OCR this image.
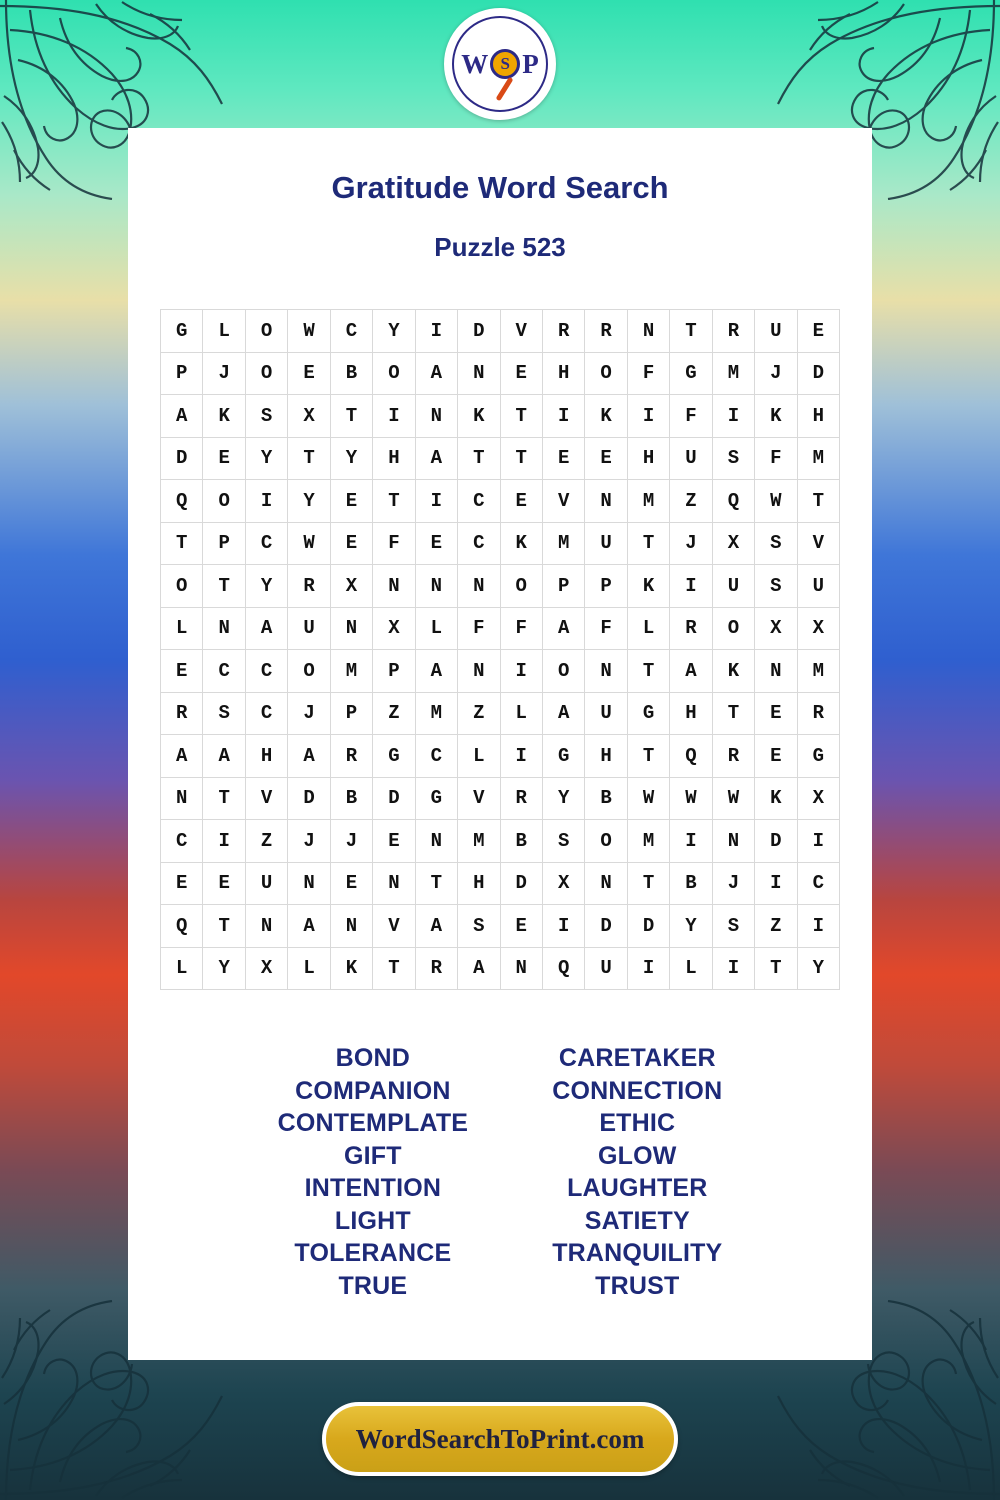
W S P
Gratitude Word Search
Puzzle 523
G	L	O	W	C	Y	I	D	V	R	R	N	T	R	U	E
P	J	O	E	B	O	A	N	E	H	O	F	G	M	J	D
A	K	S	X	T	I	N	K	T	I	K	I	F	I	K	H
D	E	Y	T	Y	H	A	T	T	E	E	H	U	S	F	M
Q	O	I	Y	E	T	I	C	E	V	N	M	Z	Q	W	T
T	P	C	W	E	F	E	C	K	M	U	T	J	X	S	V
O	T	Y	R	X	N	N	N	O	P	P	K	I	U	S	U
L	N	A	U	N	X	L	F	F	A	F	L	R	O	X	X
E	C	C	O	M	P	A	N	I	O	N	T	A	K	N	M
R	S	C	J	P	Z	M	Z	L	A	U	G	H	T	E	R
A	A	H	A	R	G	C	L	I	G	H	T	Q	R	E	G
N	T	V	D	B	D	G	V	R	Y	B	W	W	W	K	X
C	I	Z	J	J	E	N	M	B	S	O	M	I	N	D	I
E	E	U	N	E	N	T	H	D	X	N	T	B	J	I	C
Q	T	N	A	N	V	A	S	E	I	D	D	Y	S	Z	I
L	Y	X	L	K	T	R	A	N	Q	U	I	L	I	T	Y
BOND
COMPANION
CONTEMPLATE
GIFT
INTENTION
LIGHT
TOLERANCE
TRUE
CARETAKER
CONNECTION
ETHIC
GLOW
LAUGHTER
SATIETY
TRANQUILITY
TRUST
WordSearchToPrint.com
